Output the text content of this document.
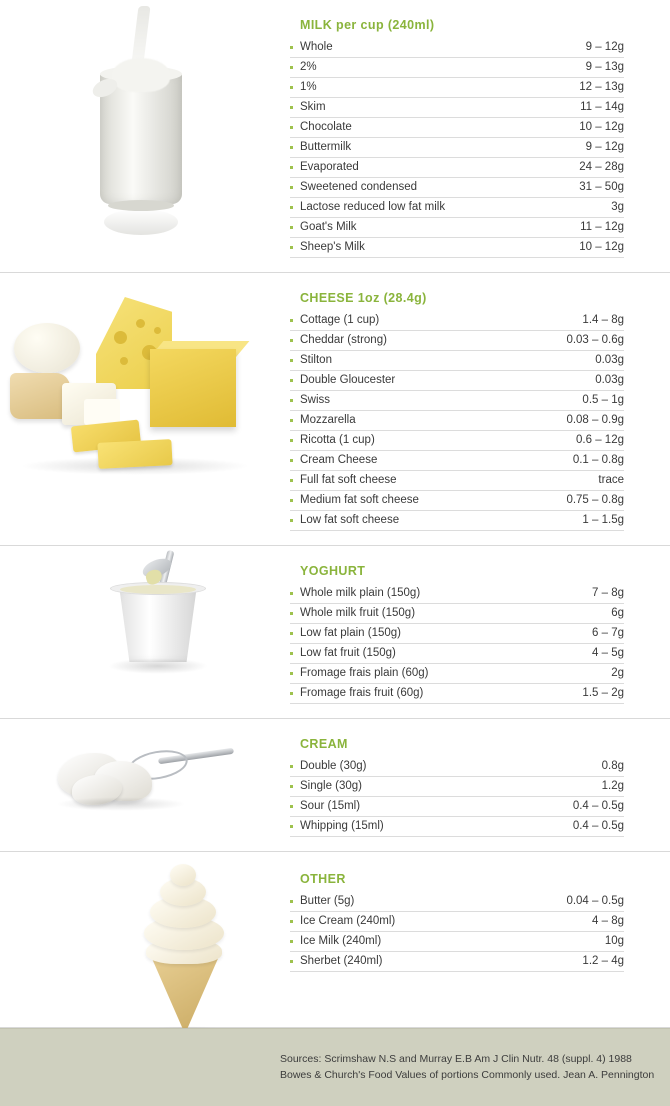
MILK per cup (240ml)
Whole	9 – 12g
2%	9 – 13g
1%	12 – 13g
Skim	11 – 14g
Chocolate	10 – 12g
Buttermilk	9 – 12g
Evaporated	24 – 28g
Sweetened condensed	31 – 50g
Lactose reduced low fat milk	3g
Goat's Milk	11 – 12g
Sheep's Milk	10 – 12g
CHEESE 1oz (28.4g)
Cottage (1 cup)	1.4 – 8g
Cheddar (strong)	0.03 – 0.6g
Stilton	0.03g
Double Gloucester	0.03g
Swiss	0.5 – 1g
Mozzarella	0.08 – 0.9g
Ricotta (1 cup)	0.6 – 12g
Cream Cheese	0.1 – 0.8g
Full fat soft cheese	trace
Medium fat soft cheese	0.75 – 0.8g
Low fat soft cheese	1 – 1.5g
YOGHURT
Whole milk plain (150g)	7 – 8g
Whole milk fruit (150g)	6g
Low fat plain (150g)	6 – 7g
Low fat fruit (150g)	4 – 5g
Fromage frais plain (60g)	2g
Fromage frais fruit (60g)	1.5 – 2g
CREAM
Double (30g)	0.8g
Single (30g)	1.2g
Sour (15ml)	0.4 – 0.5g
Whipping (15ml)	0.4 – 0.5g
OTHER
Butter (5g)	0.04 – 0.5g
Ice Cream (240ml)	4 – 8g
Ice Milk (240ml)	10g
Sherbet (240ml)	1.2 – 4g
Sources: Scrimshaw N.S and Murray E.B Am J Clin Nutr. 48 (suppl. 4) 1988
Bowes & Church's Food Values of portions Commonly used. Jean A. Pennington
